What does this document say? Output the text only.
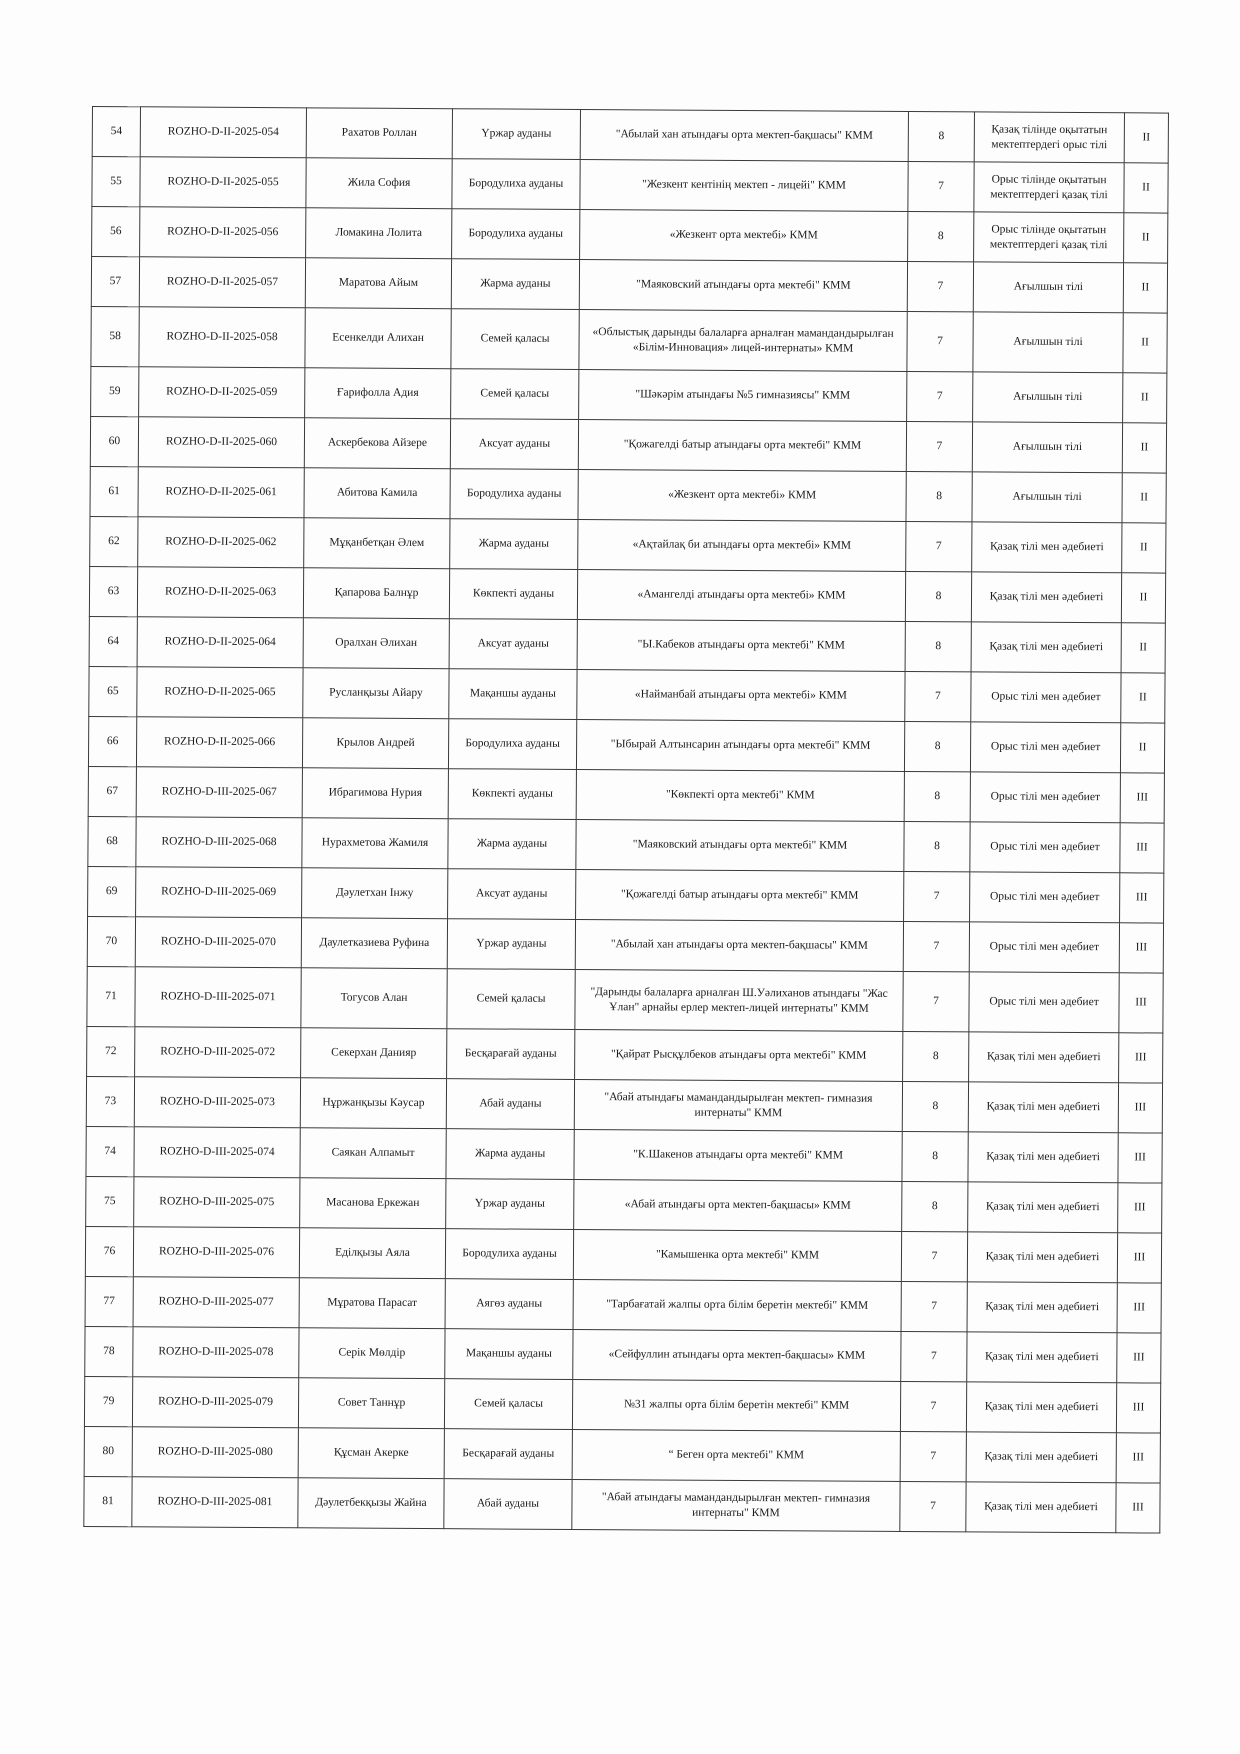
54	ROZHO-D-II-2025-054	Рахатов Роллан	Үржар ауданы	"Абылай хан атындағы орта мектеп-бақшасы" КММ	8	Қазақ тілінде оқытатын мектептердегі орыс тілі	II
55	ROZHO-D-II-2025-055	Жила София	Бородулиха ауданы	"Жезкент кентінің мектеп - лицейі" КММ	7	Орыс тілінде оқытатын мектептердегі қазақ тілі	II
56	ROZHO-D-II-2025-056	Ломакина Лолита	Бородулиха ауданы	«Жезкент орта мектебі» КММ	8	Орыс тілінде оқытатын мектептердегі қазақ тілі	II
57	ROZHO-D-II-2025-057	Маратова Айым	Жарма ауданы	"Маяковский атындағы орта мектебі" КММ	7	Ағылшын тілі	II
58	ROZHO-D-II-2025-058	Есенкелди Алихан	Семей қаласы	«Облыстық дарынды балаларға арналған мамандандырылған «Білім-Инновация» лицей-интернаты» КММ	7	Ағылшын тілі	II
59	ROZHO-D-II-2025-059	Ғарифолла Адия	Семей қаласы	"Шәкәрім атындағы №5 гимназиясы" КММ	7	Ағылшын тілі	II
60	ROZHO-D-II-2025-060	Аскербекова Айзере	Аксуат ауданы	"Қожагелді батыр атындағы орта мектебі" КММ	7	Ағылшын тілі	II
61	ROZHO-D-II-2025-061	Абитова Камила	Бородулиха ауданы	«Жезкент орта мектебі» КММ	8	Ағылшын тілі	II
62	ROZHO-D-II-2025-062	Мұқанбетқан Әлем	Жарма ауданы	«Ақтайлақ би атындағы орта мектебі» КММ	7	Қазақ тілі мен әдебиеті	II
63	ROZHO-D-II-2025-063	Қапарова Балнұр	Көкпекті ауданы	«Амангелді атындағы орта мектебі» КММ	8	Қазақ тілі мен әдебиеті	II
64	ROZHO-D-II-2025-064	Оралхан Әлихан	Аксуат ауданы	"Ы.Кабеков атындағы орта мектебі" КММ	8	Қазақ тілі мен әдебиеті	II
65	ROZHO-D-II-2025-065	Русланқызы Айару	Мақаншы ауданы	«Найманбай атындағы орта мектебі» КММ	7	Орыс тілі мен әдебиет	II
66	ROZHO-D-II-2025-066	Крылов Андрей	Бородулиха ауданы	"Ыбырай Алтынсарин атындағы орта мектебі" КММ	8	Орыс тілі мен әдебиет	II
67	ROZHO-D-III-2025-067	Ибрагимова Нурия	Көкпекті ауданы	"Көкпекті орта мектебі" КММ	8	Орыс тілі мен әдебиет	III
68	ROZHO-D-III-2025-068	Нурахметова Жамиля	Жарма ауданы	"Маяковский атындағы орта мектебі" КММ	8	Орыс тілі мен әдебиет	III
69	ROZHO-D-III-2025-069	Дәулетхан Інжу	Аксуат ауданы	"Қожагелді батыр атындағы орта мектебі" КММ	7	Орыс тілі мен әдебиет	III
70	ROZHO-D-III-2025-070	Даулетказиева Руфина	Үржар ауданы	"Абылай хан атындағы орта мектеп-бақшасы" КММ	7	Орыс тілі мен әдебиет	III
71	ROZHO-D-III-2025-071	Тогусов Алан	Семей қаласы	"Дарынды балаларға арналған Ш.Уәлиханов атындағы "Жас Ұлан" арнайы ерлер мектеп-лицей интернаты" КММ	7	Орыс тілі мен әдебиет	III
72	ROZHO-D-III-2025-072	Секерхан Данияр	Бесқарағай ауданы	"Қайрат Рысқұлбеков атындағы орта мектебі" КММ	8	Қазақ тілі мен әдебиеті	III
73	ROZHO-D-III-2025-073	Нұржанқызы Кәусар	Абай ауданы	"Абай атындағы мамандандырылған мектеп- гимназия интернаты" КММ	8	Қазақ тілі мен әдебиеті	III
74	ROZHO-D-III-2025-074	Саякан Алпамыт	Жарма ауданы	"К.Шакенов атындағы орта мектебі" КММ	8	Қазақ тілі мен әдебиеті	III
75	ROZHO-D-III-2025-075	Масанова Еркежан	Үржар ауданы	«Абай атындағы орта мектеп-бақшасы» КММ	8	Қазақ тілі мен әдебиеті	III
76	ROZHO-D-III-2025-076	Еділқызы Аяла	Бородулиха ауданы	"Камышенка орта мектебі" КММ	7	Қазақ тілі мен әдебиеті	III
77	ROZHO-D-III-2025-077	Мұратова Парасат	Аягөз ауданы	"Тарбағатай жалпы орта білім беретін мектебі" КММ	7	Қазақ тілі мен әдебиеті	III
78	ROZHO-D-III-2025-078	Серік Мөлдір	Мақаншы ауданы	«Сейфуллин атындағы орта мектеп-бақшасы» КММ	7	Қазақ тілі мен әдебиеті	III
79	ROZHO-D-III-2025-079	Совет Таннұр	Семей қаласы	№31 жалпы орта білім беретін мектебі" КММ	7	Қазақ тілі мен әдебиеті	III
80	ROZHO-D-III-2025-080	Құсман Акерке	Бесқарағай ауданы	“ Беген орта мектебі" КММ	7	Қазақ тілі мен әдебиеті	III
81	ROZHO-D-III-2025-081	Дәулетбекқызы Жайна	Абай ауданы	"Абай атындағы мамандандырылған мектеп- гимназия интернаты" КММ	7	Қазақ тілі мен әдебиеті	III
